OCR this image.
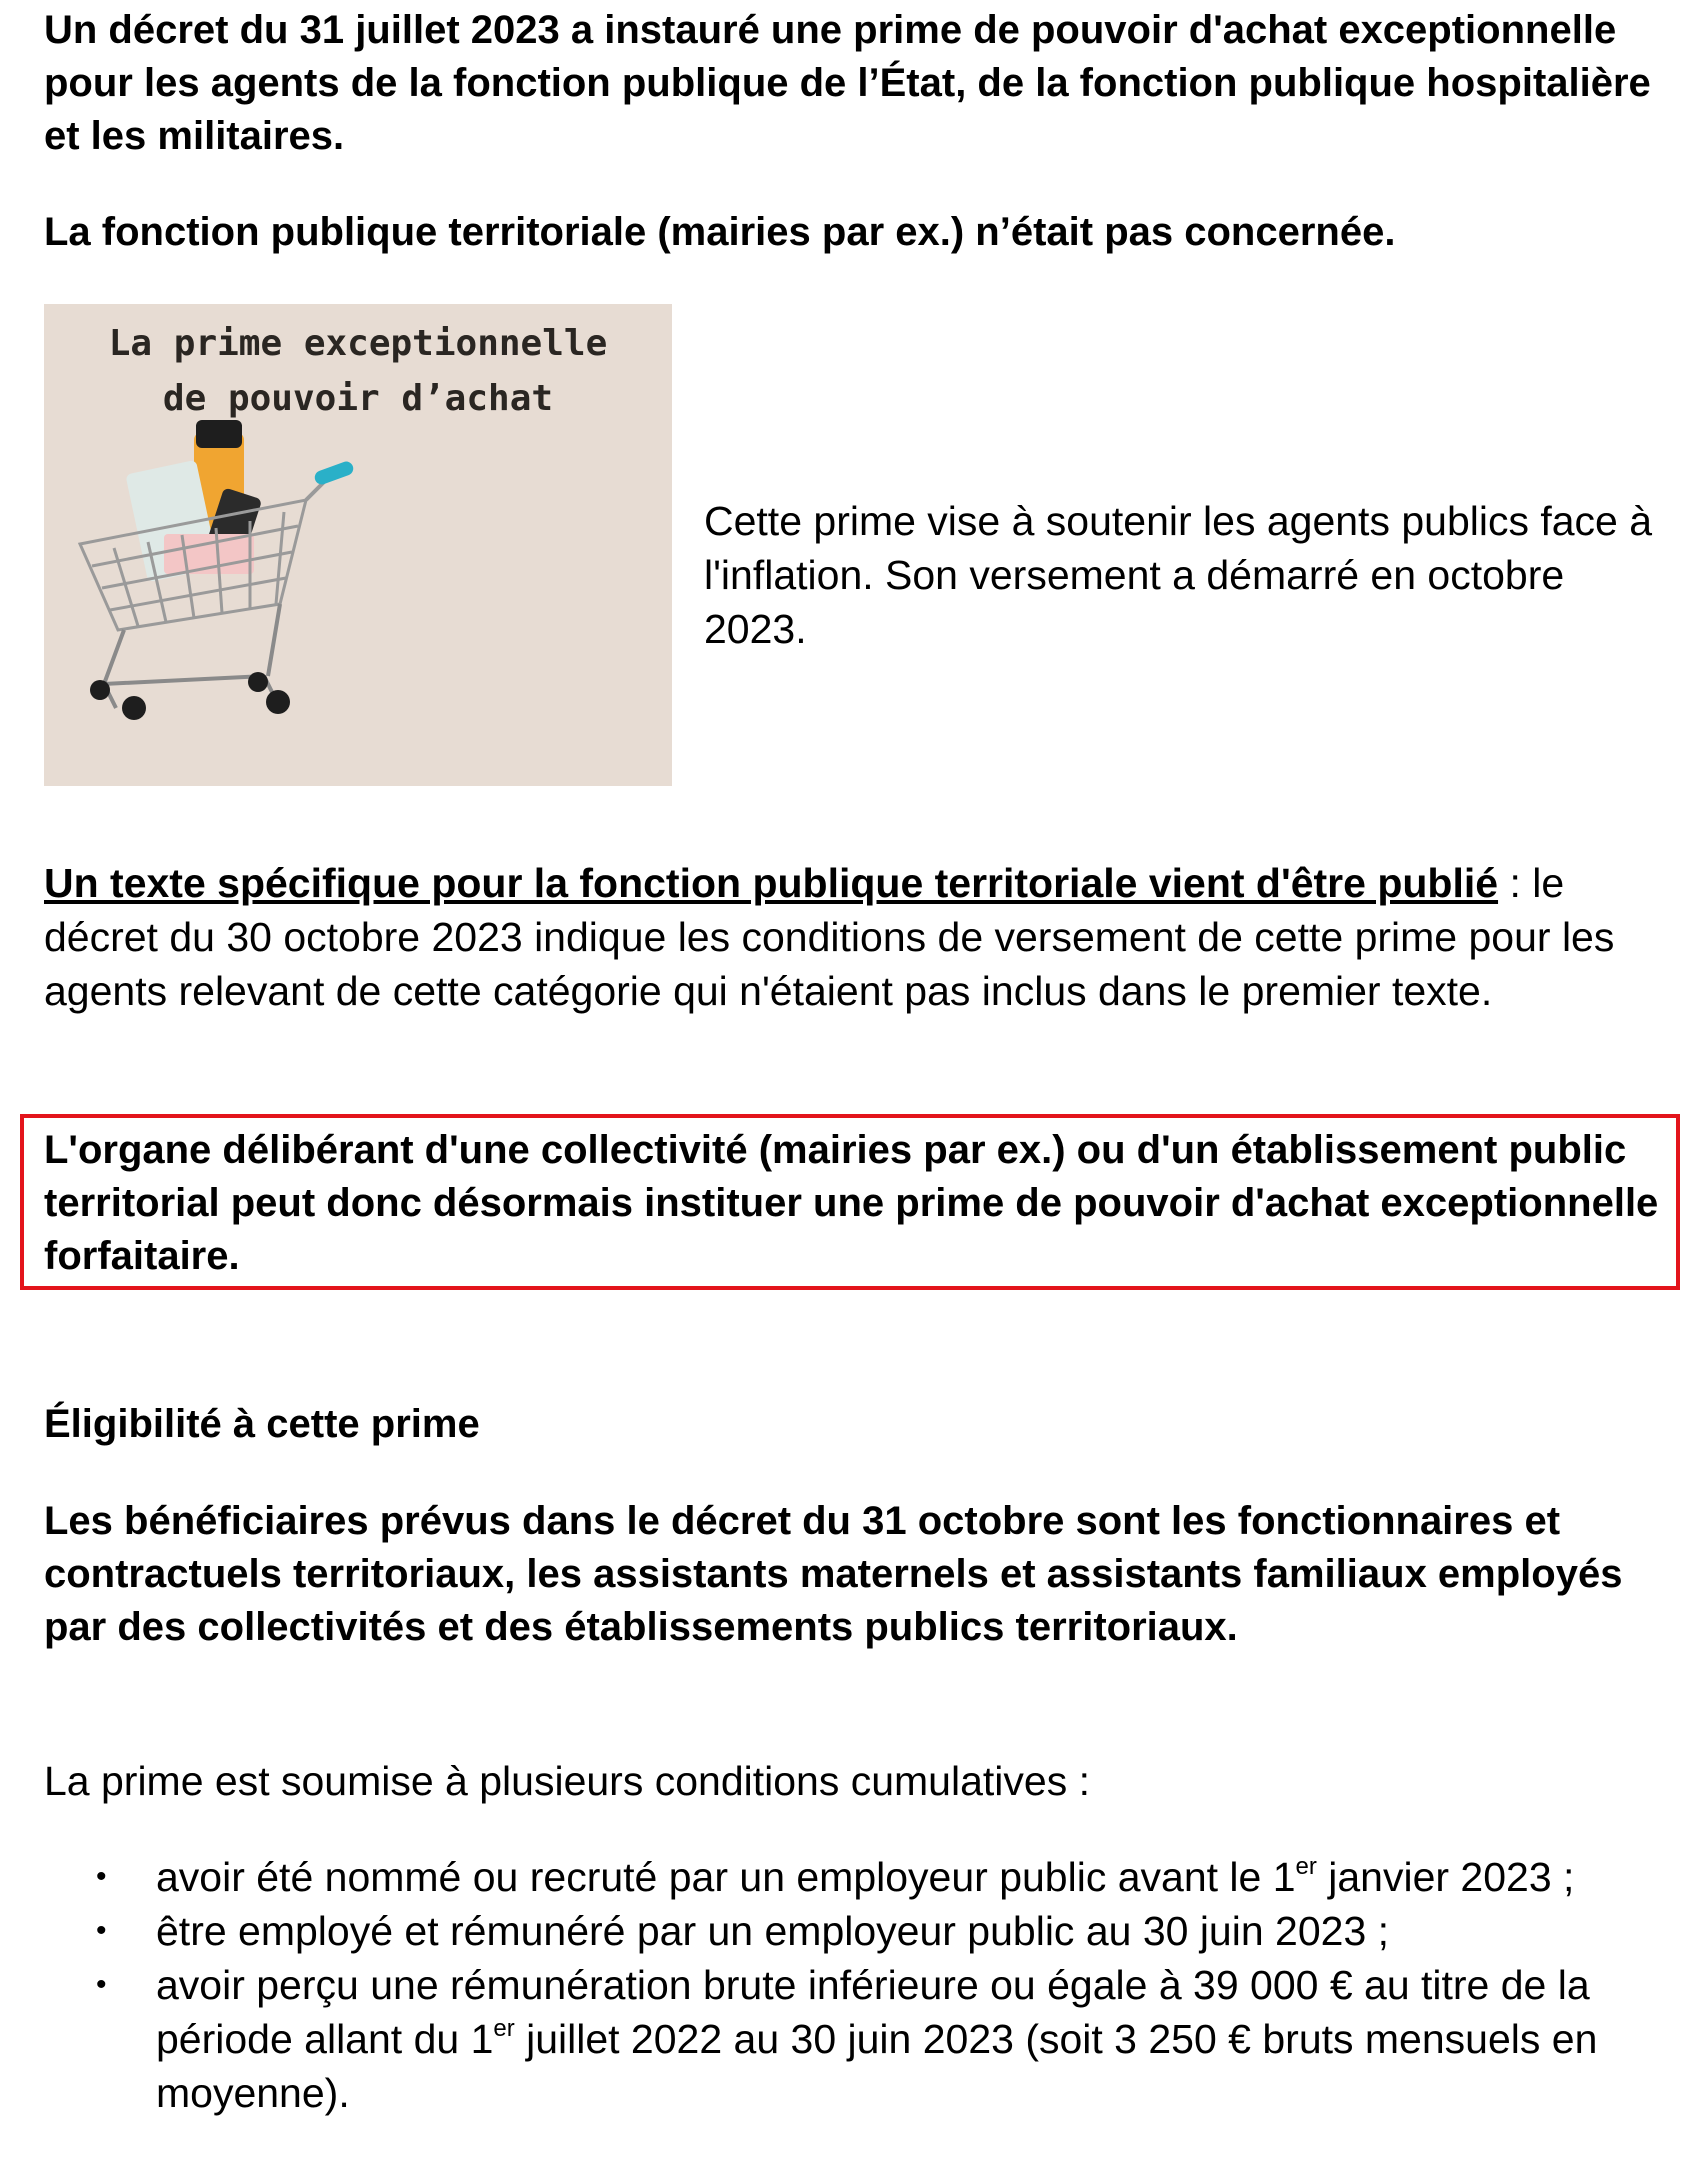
Un décret du 31 juillet 2023 a instauré une prime de pouvoir d'achat exceptionnelle pour les agents de la fonction publique de l’État, de la fonction publique hospitalière et les militaires.

La fonction publique territoriale (mairies par ex.) n’était pas concernée.

La prime exceptionnelle
de pouvoir d’achat

Cette prime vise à soutenir les agents publics face à l'inflation. Son versement a démarré en octobre 2023.

Un texte spécifique pour la fonction publique territoriale vient d'être publié : le décret du 30 octobre 2023 indique les conditions de versement de cette prime pour les agents relevant de cette catégorie qui n'étaient pas inclus dans le premier texte.

L'organe délibérant d'une collectivité (mairies par ex.) ou d'un établissement public territorial peut donc désormais instituer une prime de pouvoir d'achat exceptionnelle forfaitaire.

Éligibilité à cette prime

Les bénéficiaires prévus dans le décret du 31 octobre sont les fonctionnaires et contractuels territoriaux, les assistants maternels et assistants familiaux employés par des collectivités et des établissements publics territoriaux.

La prime est soumise à plusieurs conditions cumulatives :

• avoir été nommé ou recruté par un employeur public avant le 1er janvier 2023 ;
• être employé et rémunéré par un employeur public au 30 juin 2023 ;
• avoir perçu une rémunération brute inférieure ou égale à 39 000 € au titre de la période allant du 1er juillet 2022 au 30 juin 2023 (soit 3 250 € bruts mensuels en moyenne).
